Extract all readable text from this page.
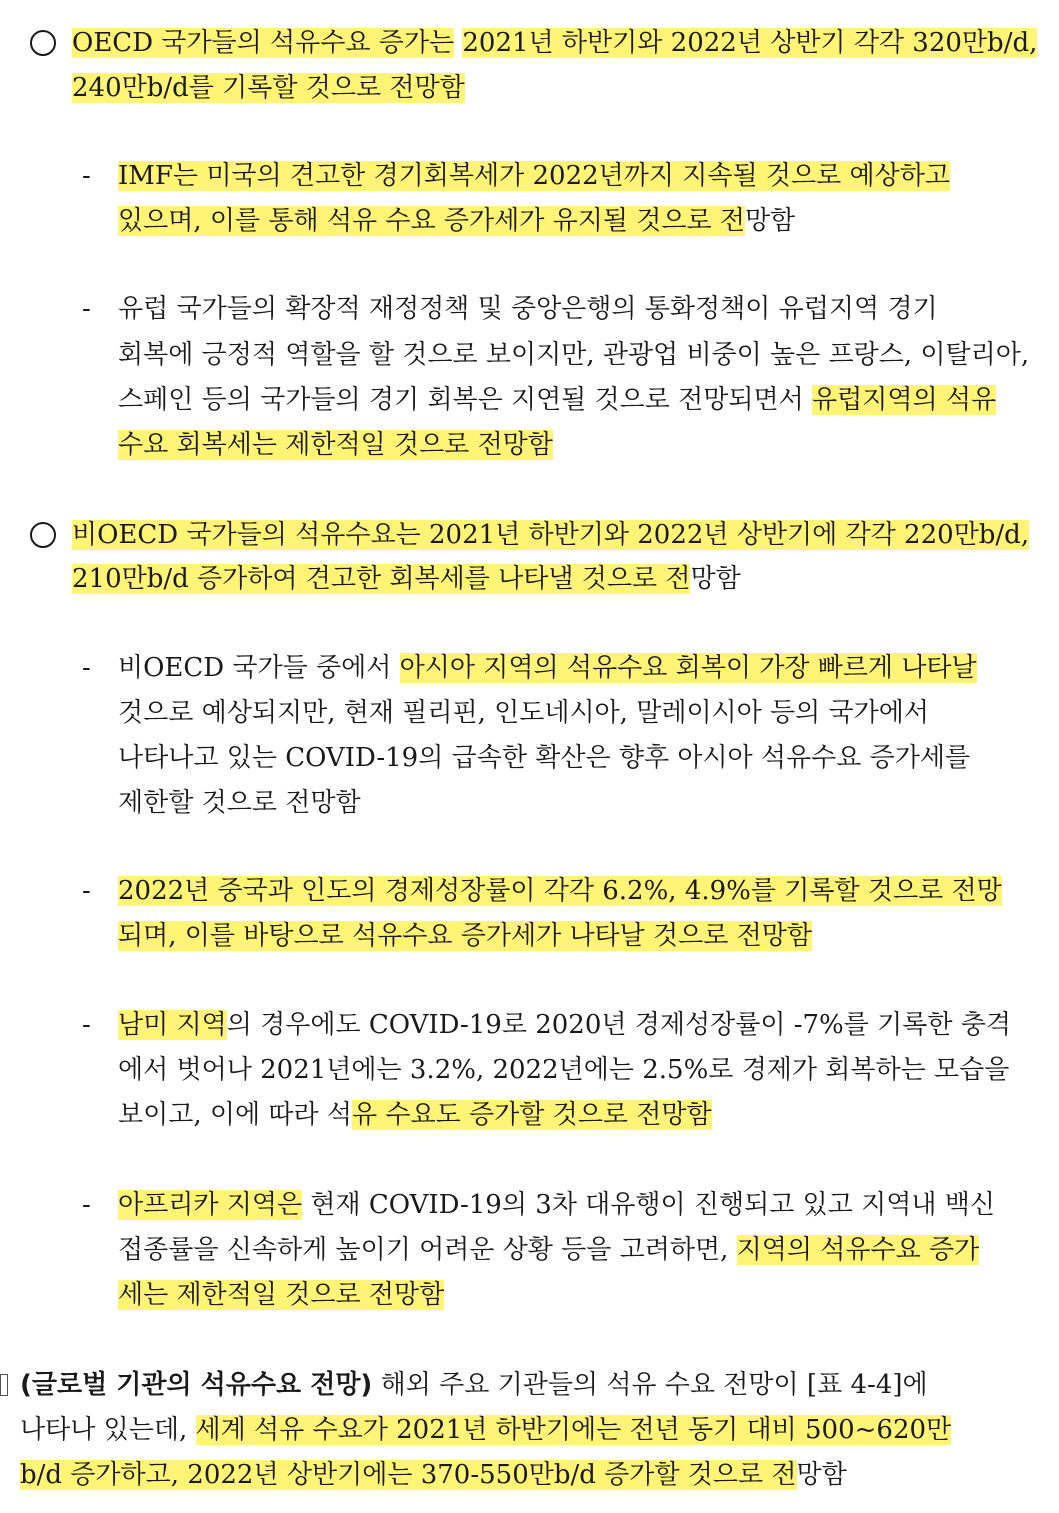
OECD 국가들의 석유수요 증가는 2021년 하반기와 2022년 상반기 각각 320만b/d,
240만b/d를 기록할 것으로 전망함
- IMF는 미국의 견고한 경기회복세가 2022년까지 지속될 것으로 예상하고
있으며, 이를 통해 석유 수요 증가세가 유지될 것으로 전망함
- 유럽 국가들의 확장적 재정정책 및 중앙은행의 통화정책이 유럽지역 경기
회복에 긍정적 역할을 할 것으로 보이지만, 관광업 비중이 높은 프랑스, 이탈리아,
스페인 등의 국가들의 경기 회복은 지연될 것으로 전망되면서 유럽지역의 석유
수요 회복세는 제한적일 것으로 전망함
비OECD 국가들의 석유수요는 2021년 하반기와 2022년 상반기에 각각 220만b/d,
210만b/d 증가하여 견고한 회복세를 나타낼 것으로 전망함
- 비OECD 국가들 중에서 아시아 지역의 석유수요 회복이 가장 빠르게 나타날
것으로 예상되지만, 현재 필리핀, 인도네시아, 말레이시아 등의 국가에서
나타나고 있는 COVID-19의 급속한 확산은 향후 아시아 석유수요 증가세를
제한할 것으로 전망함
- 2022년 중국과 인도의 경제성장률이 각각 6.2%, 4.9%를 기록할 것으로 전망
되며, 이를 바탕으로 석유수요 증가세가 나타날 것으로 전망함
- 남미 지역의 경우에도 COVID-19로 2020년 경제성장률이 -7%를 기록한 충격
에서 벗어나 2021년에는 3.2%, 2022년에는 2.5%로 경제가 회복하는 모습을
보이고, 이에 따라 석유 수요도 증가할 것으로 전망함
- 아프리카 지역은 현재 COVID-19의 3차 대유행이 진행되고 있고 지역내 백신
접종률을 신속하게 높이기 어려운 상황 등을 고려하면, 지역의 석유수요 증가
세는 제한적일 것으로 전망함
(글로벌 기관의 석유수요 전망) 해외 주요 기관들의 석유 수요 전망이 [표 4-4]에
나타나 있는데, 세계 석유 수요가 2021년 하반기에는 전년 동기 대비 500~620만
b/d 증가하고, 2022년 상반기에는 370-550만b/d 증가할 것으로 전망함
